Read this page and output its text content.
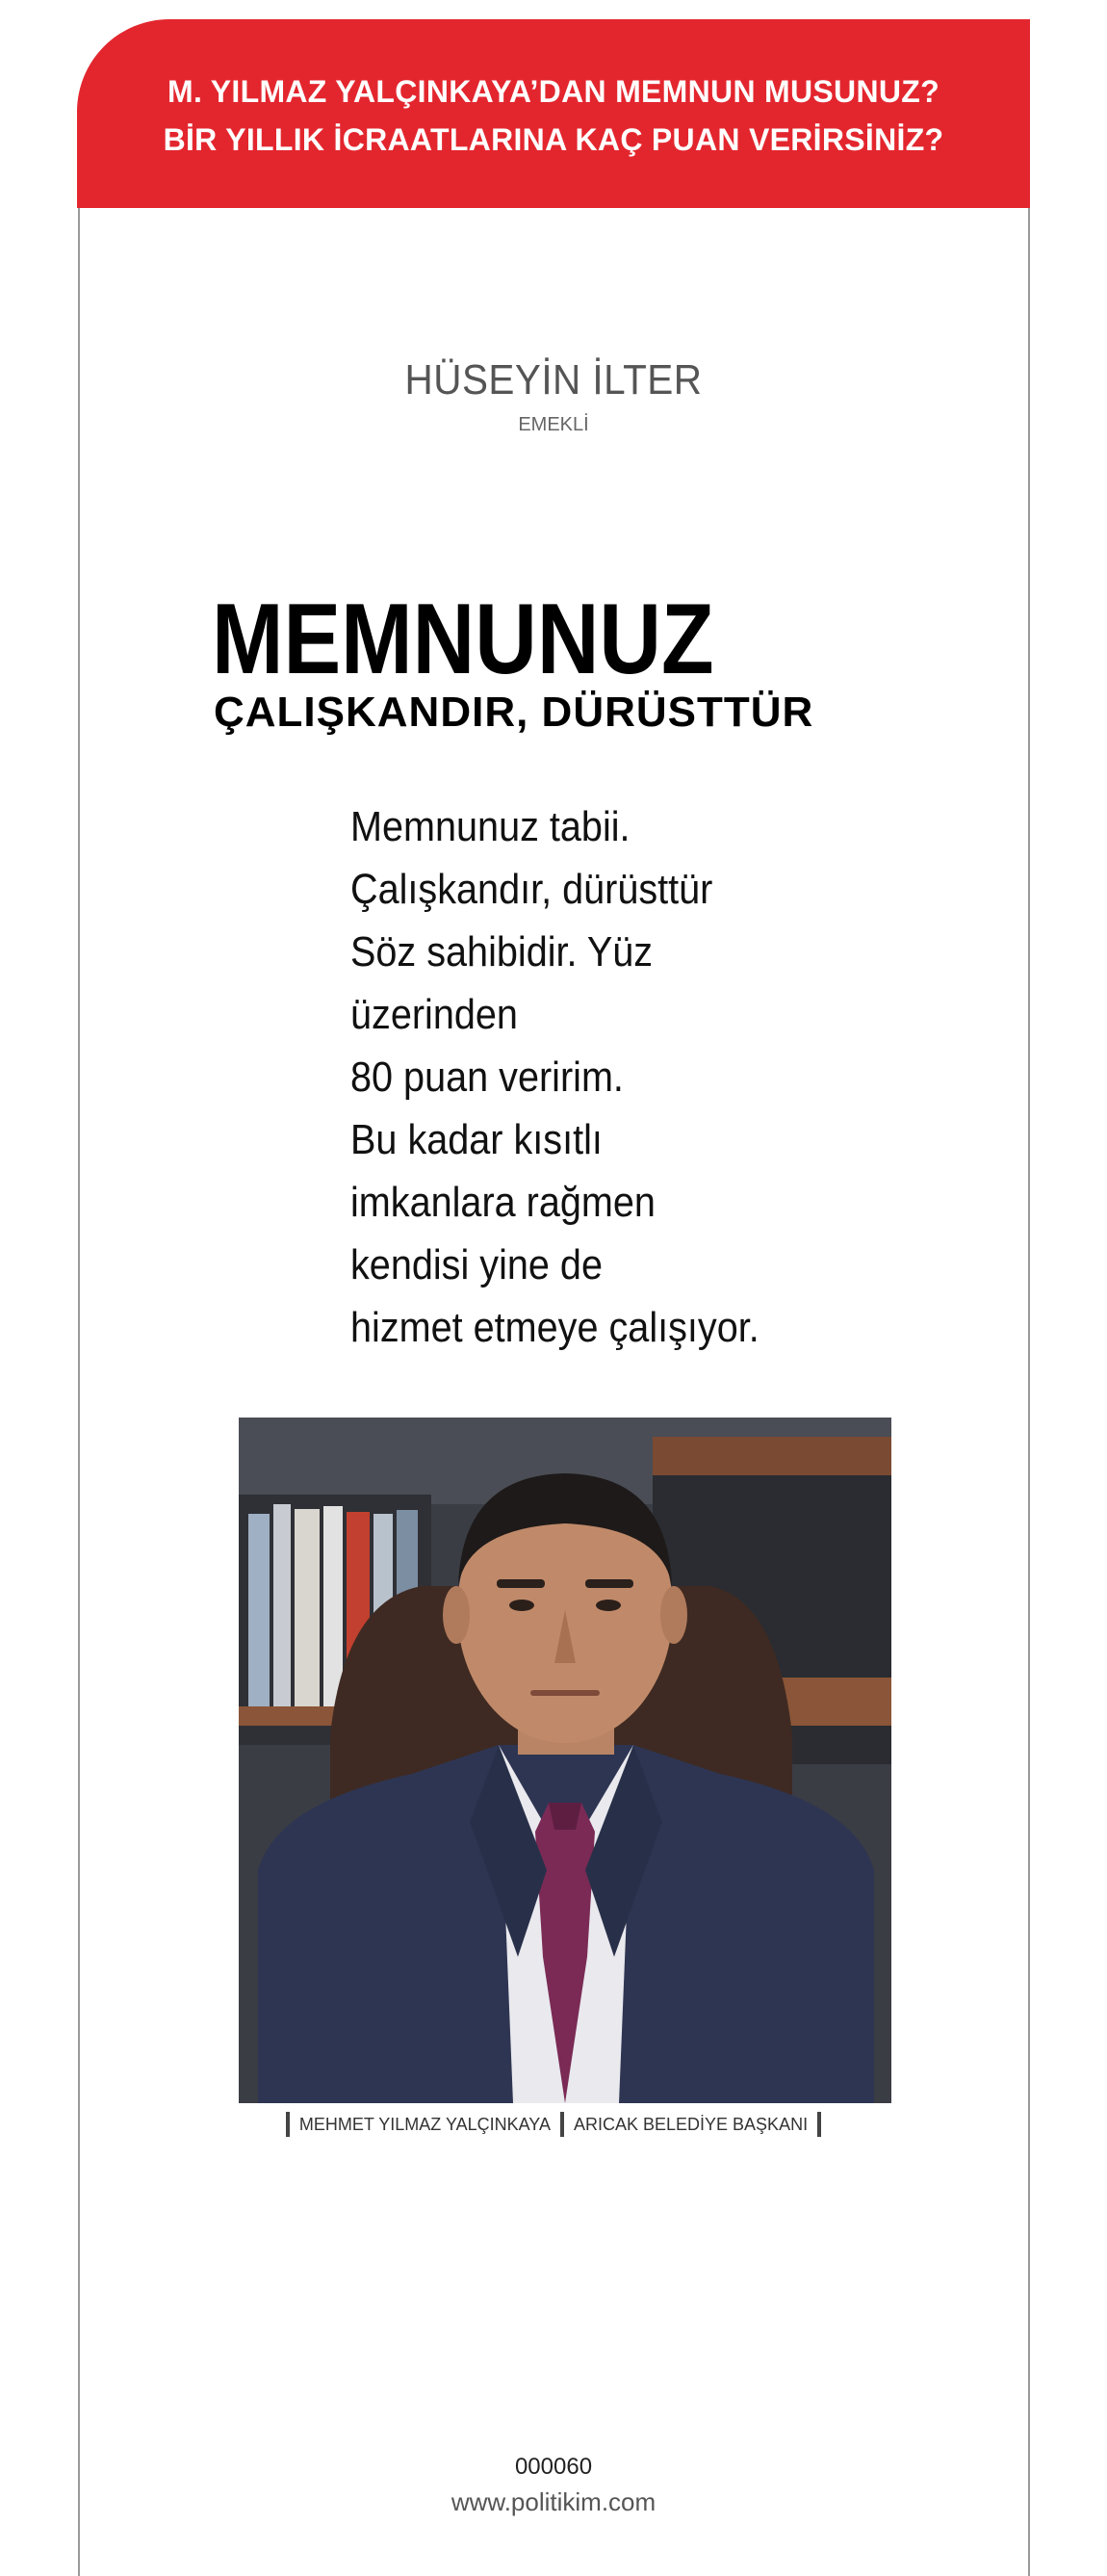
M. YILMAZ YALÇINKAYA’DAN MEMNUN MUSUNUZ?
BİR YILLIK İCRAATLARINA KAÇ PUAN VERİRSİNİZ?
HÜSEYİN İLTER
EMEKLİ
MEMNUNUZ
ÇALIŞKANDIR, DÜRÜSTTÜR
Memnunuz tabii.
Çalışkandır, dürüsttür
Söz sahibidir. Yüz
üzerinden
80 puan veririm.
Bu kadar kısıtlı
imkanlara rağmen
kendisi yine de
hizmet etmeye çalışıyor.
MEHMET YILMAZ YALÇINKAYA ARICAK BELEDİYE BAŞKANI
000060
www.politikim.com
